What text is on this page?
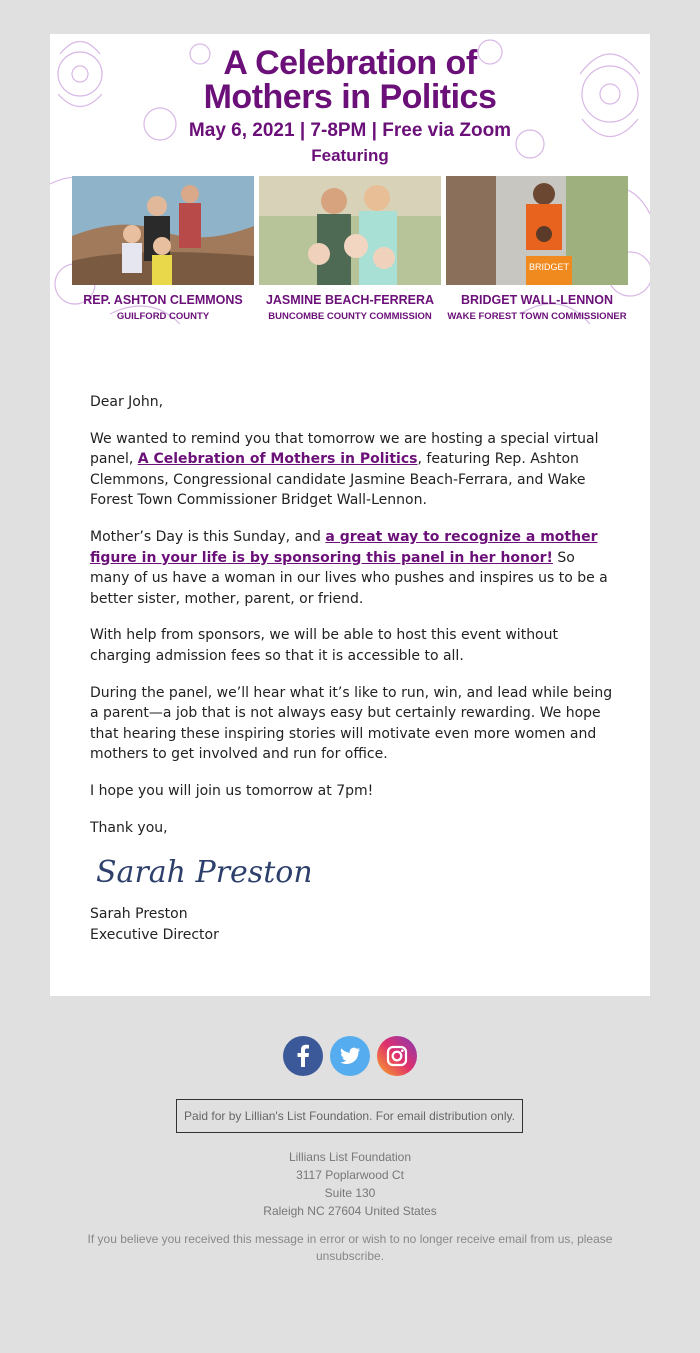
A Celebration of
Mothers in Politics
May 6, 2021 | 7-8PM | Free via Zoom
Featuring
BRIDGET
REP. ASHTON CLEMMONS
GUILFORD COUNTY
JASMINE BEACH-FERRERA
BUNCOMBE COUNTY COMMISSION
BRIDGET WALL-LENNON
WAKE FOREST TOWN COMMISSIONER

Dear John,

We wanted to remind you that tomorrow we are hosting a special virtual panel, A Celebration of Mothers in Politics, featuring Rep. Ashton Clemmons, Congressional candidate Jasmine Beach-Ferrara, and Wake Forest Town Commissioner Bridget Wall-Lennon.

Mother’s Day is this Sunday, and a great way to recognize a mother figure in your life is by sponsoring this panel in her honor! So many of us have a woman in our lives who pushes and inspires us to be a better sister, mother, parent, or friend.

With help from sponsors, we will be able to host this event without charging admission fees so that it is accessible to all.

During the panel, we’ll hear what it’s like to run, win, and lead while being a parent—a job that is not always easy but certainly rewarding. We hope that hearing these inspiring stories will motivate even more women and mothers to get involved and run for office.

I hope you will join us tomorrow at 7pm!

Thank you,

Sarah Preston
Sarah Preston
Executive Director

Paid for by Lillian's List Foundation. For email distribution only.
Lillians List Foundation
3117 Poplarwood Ct
Suite 130
Raleigh NC 27604 United States
If you believe you received this message in error or wish to no longer receive email from us, please unsubscribe.
